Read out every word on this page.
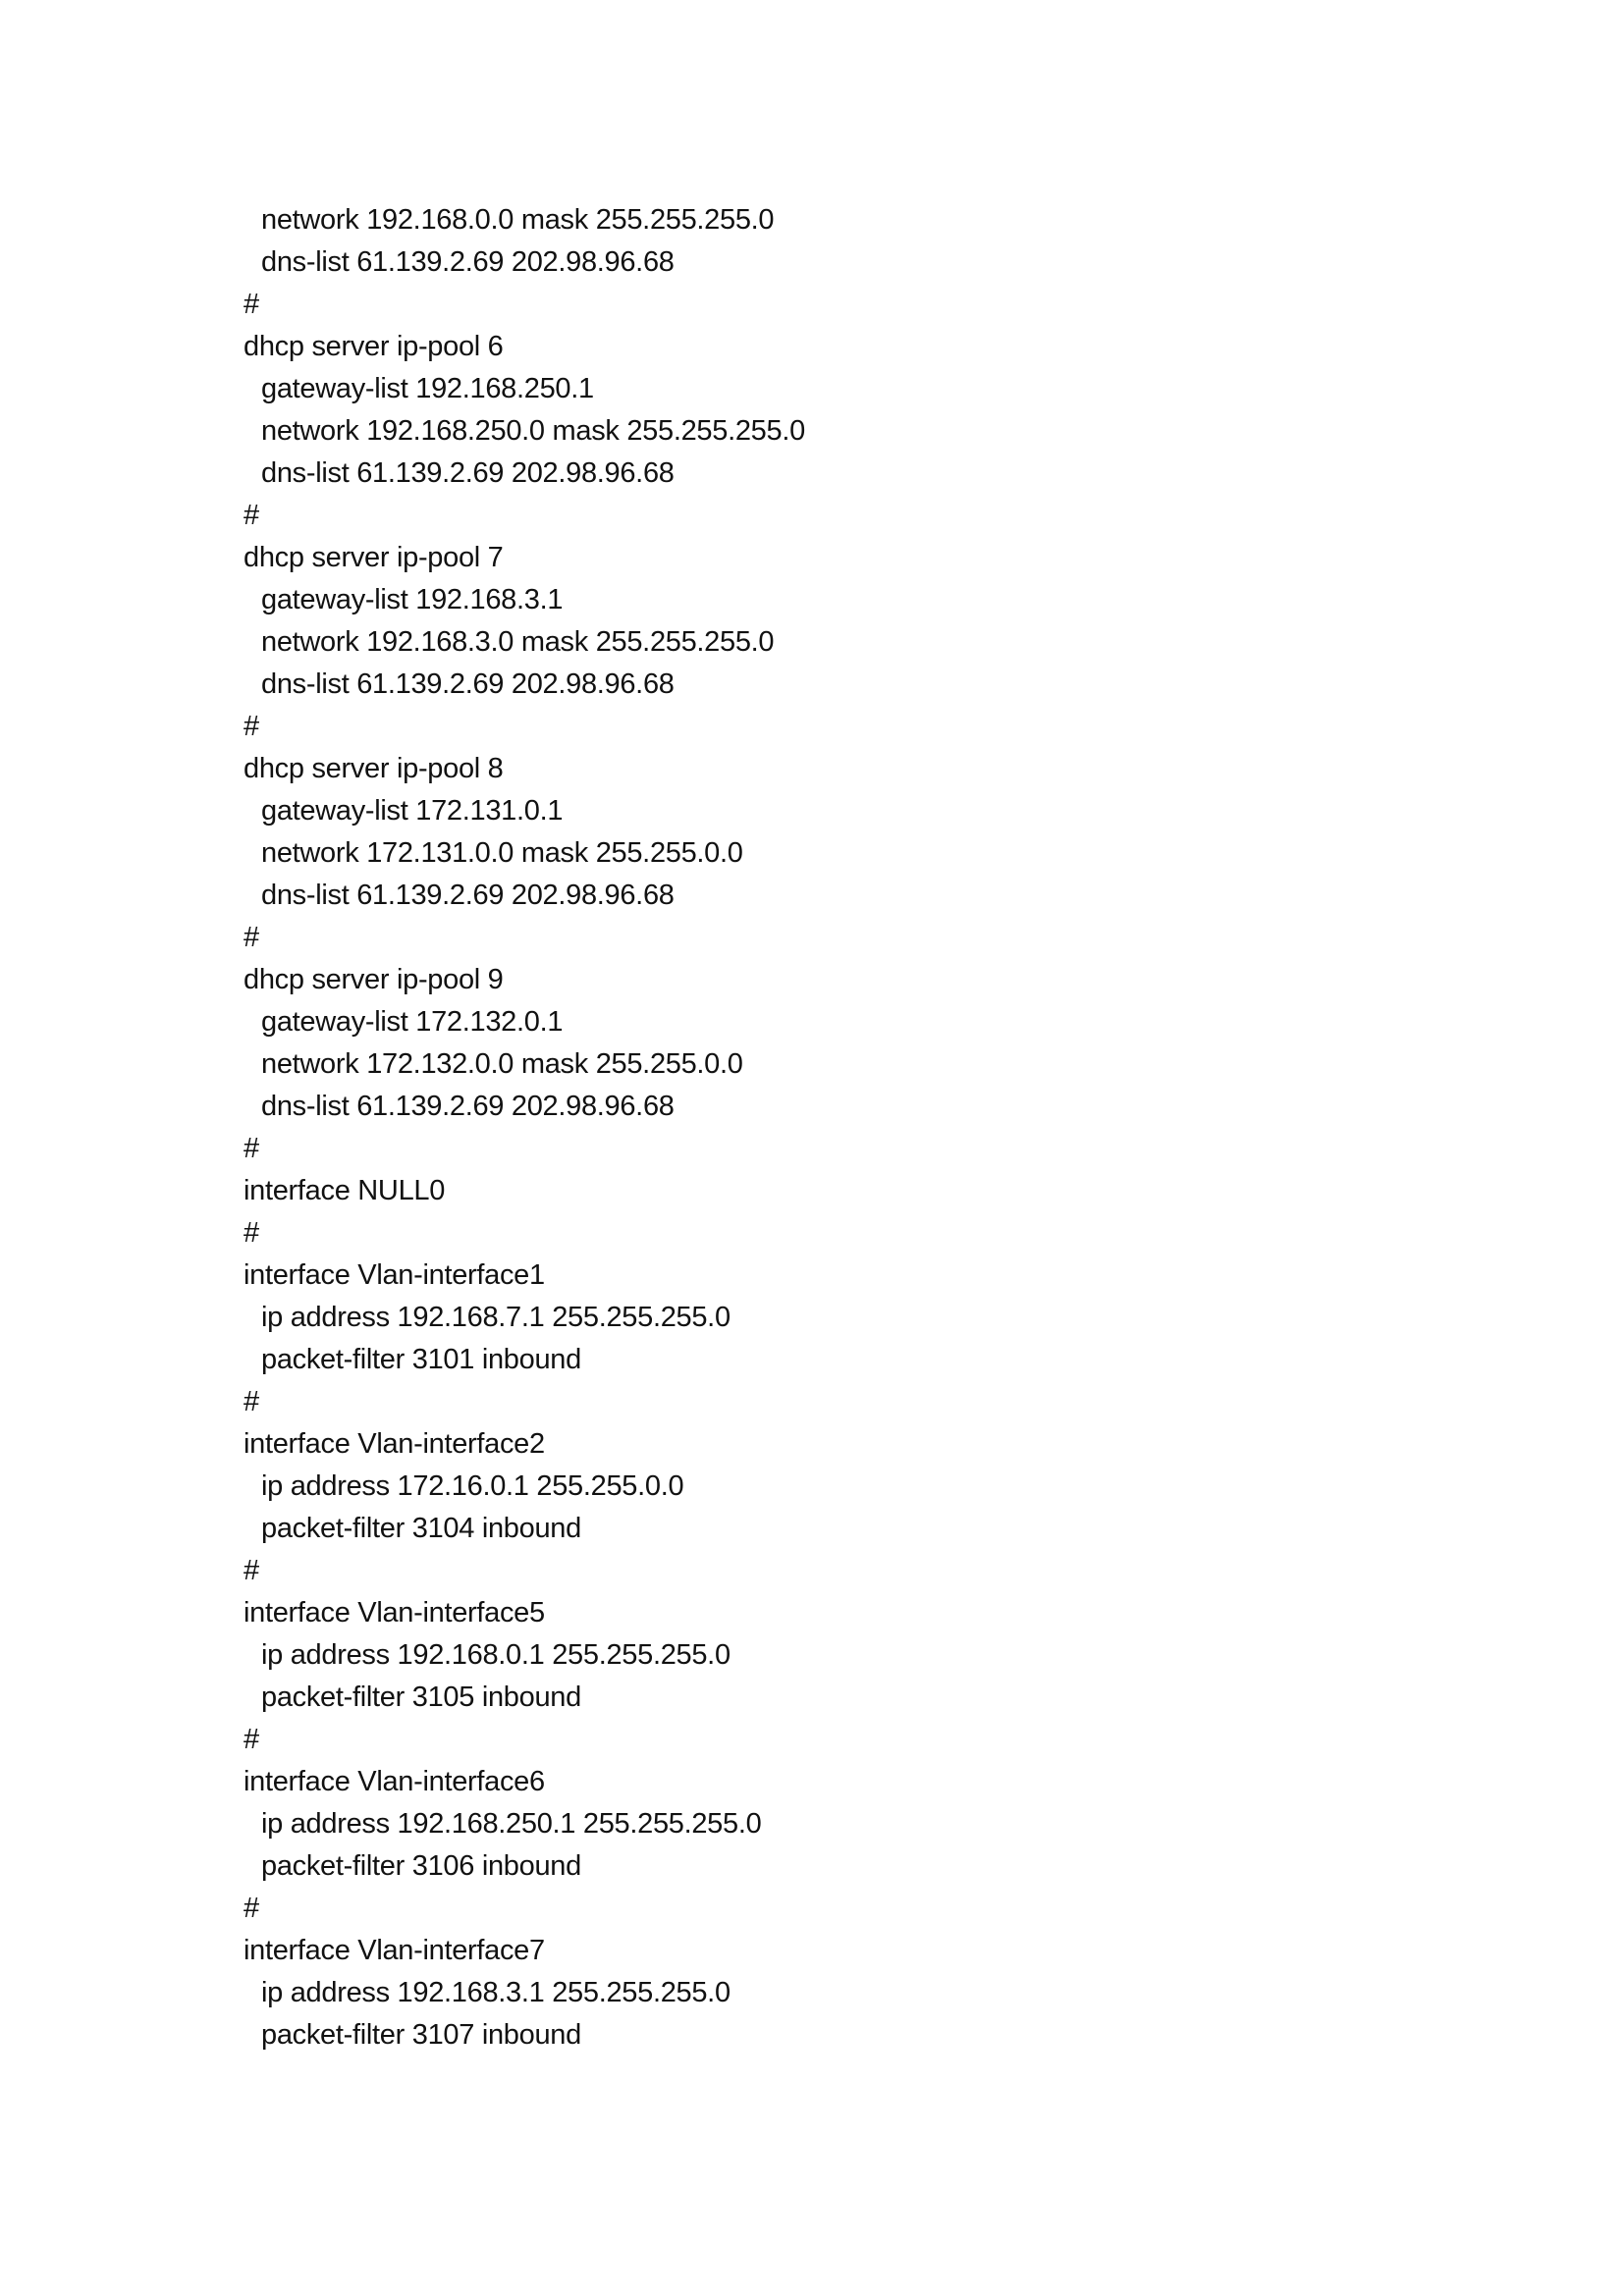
network 192.168.0.0 mask 255.255.255.0
dns-list 61.139.2.69 202.98.96.68
#
dhcp server ip-pool 6
gateway-list 192.168.250.1
network 192.168.250.0 mask 255.255.255.0
dns-list 61.139.2.69 202.98.96.68
#
dhcp server ip-pool 7
gateway-list 192.168.3.1
network 192.168.3.0 mask 255.255.255.0
dns-list 61.139.2.69 202.98.96.68
#
dhcp server ip-pool 8
gateway-list 172.131.0.1
network 172.131.0.0 mask 255.255.0.0
dns-list 61.139.2.69 202.98.96.68
#
dhcp server ip-pool 9
gateway-list 172.132.0.1
network 172.132.0.0 mask 255.255.0.0
dns-list 61.139.2.69 202.98.96.68
#
interface NULL0
#
interface Vlan-interface1
ip address 192.168.7.1 255.255.255.0
packet-filter 3101 inbound
#
interface Vlan-interface2
ip address 172.16.0.1 255.255.0.0
packet-filter 3104 inbound
#
interface Vlan-interface5
ip address 192.168.0.1 255.255.255.0
packet-filter 3105 inbound
#
interface Vlan-interface6
ip address 192.168.250.1 255.255.255.0
packet-filter 3106 inbound
#
interface Vlan-interface7
ip address 192.168.3.1 255.255.255.0
packet-filter 3107 inbound
